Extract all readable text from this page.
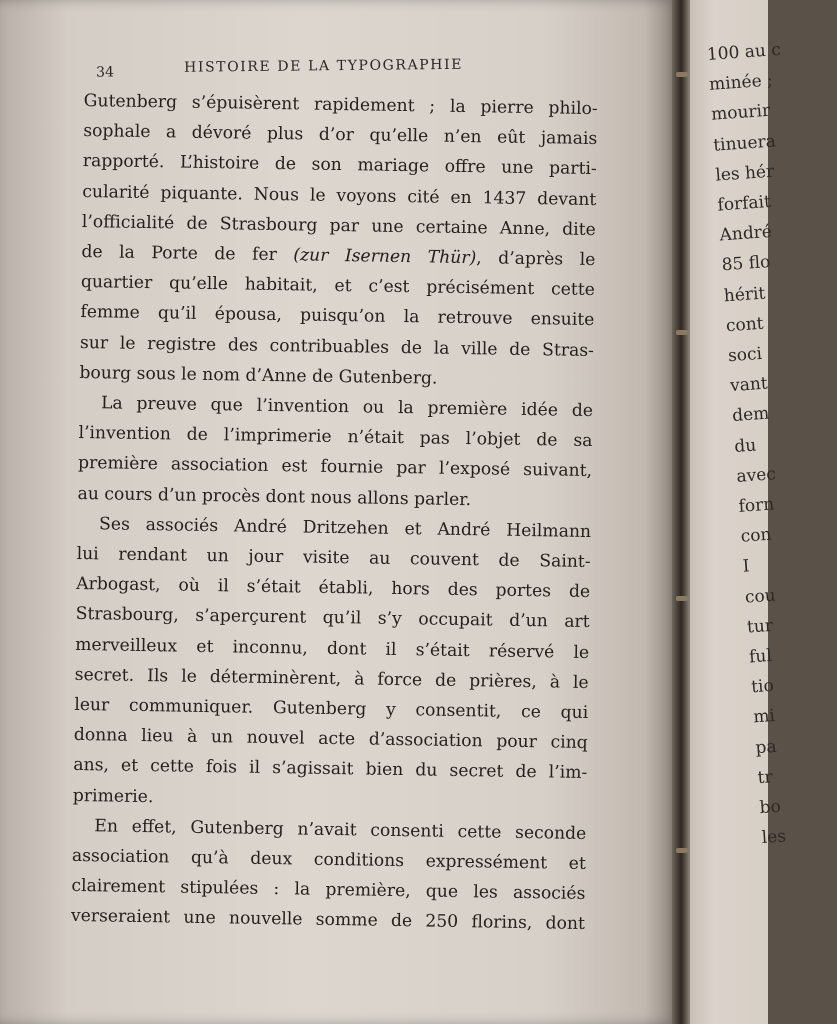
34	HISTOIRE DE LA TYPOGRAPHIE
Gutenberg s’épuisèrent rapidement ; la pierre philo-
sophale a dévoré plus d’or qu’elle n’en eût jamais
rapporté. L’histoire de son mariage offre une parti-
cularité piquante. Nous le voyons cité en 1437 devant
l’officialité de Strasbourg par une certaine Anne, dite
de la Porte de fer (zur Isernen Thür), d’après le
quartier qu’elle habitait, et c’est précisément cette
femme qu’il épousa, puisqu’on la retrouve ensuite
sur le registre des contribuables de la ville de Stras-
bourg sous le nom d’Anne de Gutenberg.
La preuve que l’invention ou la première idée de
l’invention de l’imprimerie n’était pas l’objet de sa
première association est fournie par l’exposé suivant,
au cours d’un procès dont nous allons parler.
Ses associés André Dritzehen et André Heilmann
lui rendant un jour visite au couvent de Saint-
Arbogast, où il s’était établi, hors des portes de
Strasbourg, s’aperçurent qu’il s’y occupait d’un art
merveilleux et inconnu, dont il s’était réservé le
secret. Ils le déterminèrent, à force de prières, à le
leur communiquer. Gutenberg y consentit, ce qui
donna lieu à un nouvel acte d’association pour cinq
ans, et cette fois il s’agissait bien du secret de l’im-
primerie.
En effet, Gutenberg n’avait consenti cette seconde
association qu’à deux conditions expressément et
clairement stipulées : la première, que les associés
verseraient une nouvelle somme de 250 florins, dont
100 au c
minée ;
mourir
tinuera
les hér
forfait
André
85 flo
hérit
cont
soci
vant
dem
du
avec
forn
con
I
cou
tur
ful
tio
mi
pa
tr
bo
les
